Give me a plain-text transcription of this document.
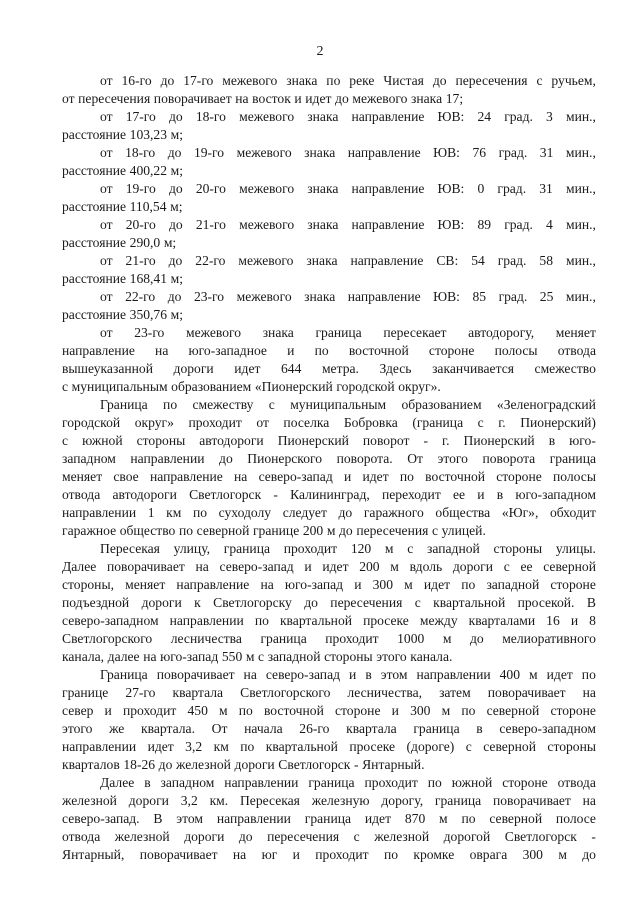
2
от 16-го до 17-го межевого знака по реке Чистая до пересечения с ручьем,
от пересечения поворачивает на восток и идет до межевого знака 17;
от 17-го до 18-го межевого знака направление ЮВ: 24 град. 3 мин.,
расстояние 103,23 м;
от 18-го до 19-го межевого знака направление ЮВ: 76 град. 31 мин.,
расстояние 400,22 м;
от 19-го до 20-го межевого знака направление ЮВ: 0 град. 31 мин.,
расстояние 110,54 м;
от 20-го до 21-го межевого знака направление ЮВ: 89 град. 4 мин.,
расстояние 290,0 м;
от 21-го до 22-го межевого знака направление СВ: 54 град. 58 мин.,
расстояние 168,41 м;
от 22-го до 23-го межевого знака направление ЮВ: 85 град. 25 мин.,
расстояние 350,76 м;
от 23-го межевого знака граница пересекает автодорогу, меняет
направление на юго-западное и по восточной стороне полосы отвода
вышеуказанной дороги идет 644 метра. Здесь заканчивается смежество
с муниципальным образованием «Пионерский городской округ».
Граница по смежеству с муниципальным образованием «Зеленоградский
городской округ» проходит от поселка Бобровка (граница с г. Пионерский)
с южной стороны автодороги Пионерский поворот - г. Пионерский в юго-
западном направлении до Пионерского поворота. От этого поворота граница
меняет свое направление на северо-запад и идет по восточной стороне полосы
отвода автодороги Светлогорск - Калининград, переходит ее и в юго-западном
направлении 1 км по суходолу следует до гаражного общества «Юг», обходит
гаражное общество по северной границе 200 м до пересечения с улицей.
Пересекая улицу, граница проходит 120 м с западной стороны улицы.
Далее поворачивает на северо-запад и идет 200 м вдоль дороги с ее северной
стороны, меняет направление на юго-запад и 300 м идет по западной стороне
подъездной дороги к Светлогорску до пересечения с квартальной просекой. В
северо-западном направлении по квартальной просеке между кварталами 16 и 8
Светлогорского лесничества граница проходит 1000 м до мелиоративного
канала, далее на юго-запад 550 м с западной стороны этого канала.
Граница поворачивает на северо-запад и в этом направлении 400 м идет по
границе 27-го квартала Светлогорского лесничества, затем поворачивает на
север и проходит 450 м по восточной стороне и 300 м по северной стороне
этого же квартала. От начала 26-го квартала граница в северо-западном
направлении идет 3,2 км по квартальной просеке (дороге) с северной стороны
кварталов 18-26 до железной дороги Светлогорск - Янтарный.
Далее в западном направлении граница проходит по южной стороне отвода
железной дороги 3,2 км. Пересекая железную дорогу, граница поворачивает на
северо-запад. В этом направлении граница идет 870 м по северной полосе
отвода железной дороги до пересечения с железной дорогой Светлогорск -
Янтарный, поворачивает на юг и проходит по кромке оврага 300 м до
